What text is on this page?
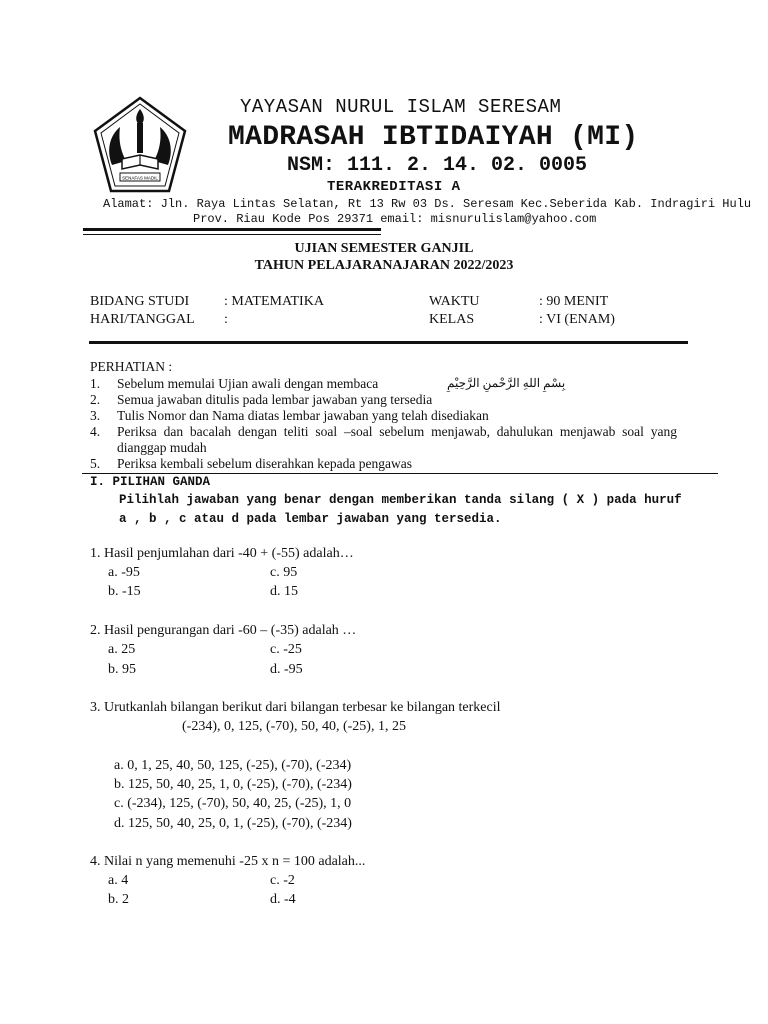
SENAFAS MADIL
YAYASAN NURUL ISLAM SERESAM
MADRASAH IBTIDAIYAH (MI)
NSM: 111. 2. 14. 02. 0005
TERAKREDITASI A
Alamat: Jln. Raya Lintas Selatan, Rt 13 Rw 03 Ds. Seresam Kec.Seberida Kab. Indragiri Hulu
Prov. Riau Kode Pos 29371 email: misnurulislam@yahoo.com
UJIAN SEMESTER GANJIL
TAHUN PELAJARANAJARAN 2022/2023
BIDANG STUDI : MATEMATIKA	WAKTU	: 90 MENIT
HARI/TANGGAL :	KELAS	: VI (ENAM)
PERHATIAN :
1. Sebelum memulai Ujian awali dengan membaca	بِسْمِ اللهِ الرَّحْمنِ الرَّحِيْمِ
2. Semua jawaban ditulis pada lembar jawaban yang tersedia
3. Tulis Nomor dan Nama diatas lembar jawaban yang telah disediakan
4. Periksa dan bacalah dengan teliti soal –soal sebelum menjawab, dahulukan menjawab soal yang
dianggap mudah
5. Periksa kembali sebelum diserahkan kepada pengawas
I. PILIHAN GANDA
Pilihlah jawaban yang benar dengan memberikan tanda silang ( X ) pada huruf
a , b , c atau d pada lembar jawaban yang tersedia.
1. Hasil penjumlahan dari -40 + (-55) adalah…
a. -95	c. 95
b. -15	d. 15
2. Hasil pengurangan dari -60 – (-35) adalah …
a. 25	c. -25
b. 95	d. -95
3. Urutkanlah bilangan berikut dari bilangan terbesar ke bilangan terkecil
(-234), 0, 125, (-70), 50, 40, (-25), 1, 25
a. 0, 1, 25, 40, 50, 125, (-25), (-70), (-234)
b. 125, 50, 40, 25, 1, 0, (-25), (-70), (-234)
c. (-234), 125, (-70), 50, 40, 25, (-25), 1, 0
d. 125, 50, 40, 25, 0, 1, (-25), (-70), (-234)
4. Nilai n yang memenuhi -25 x n = 100 adalah...
a. 4	c. -2
b. 2	d. -4
